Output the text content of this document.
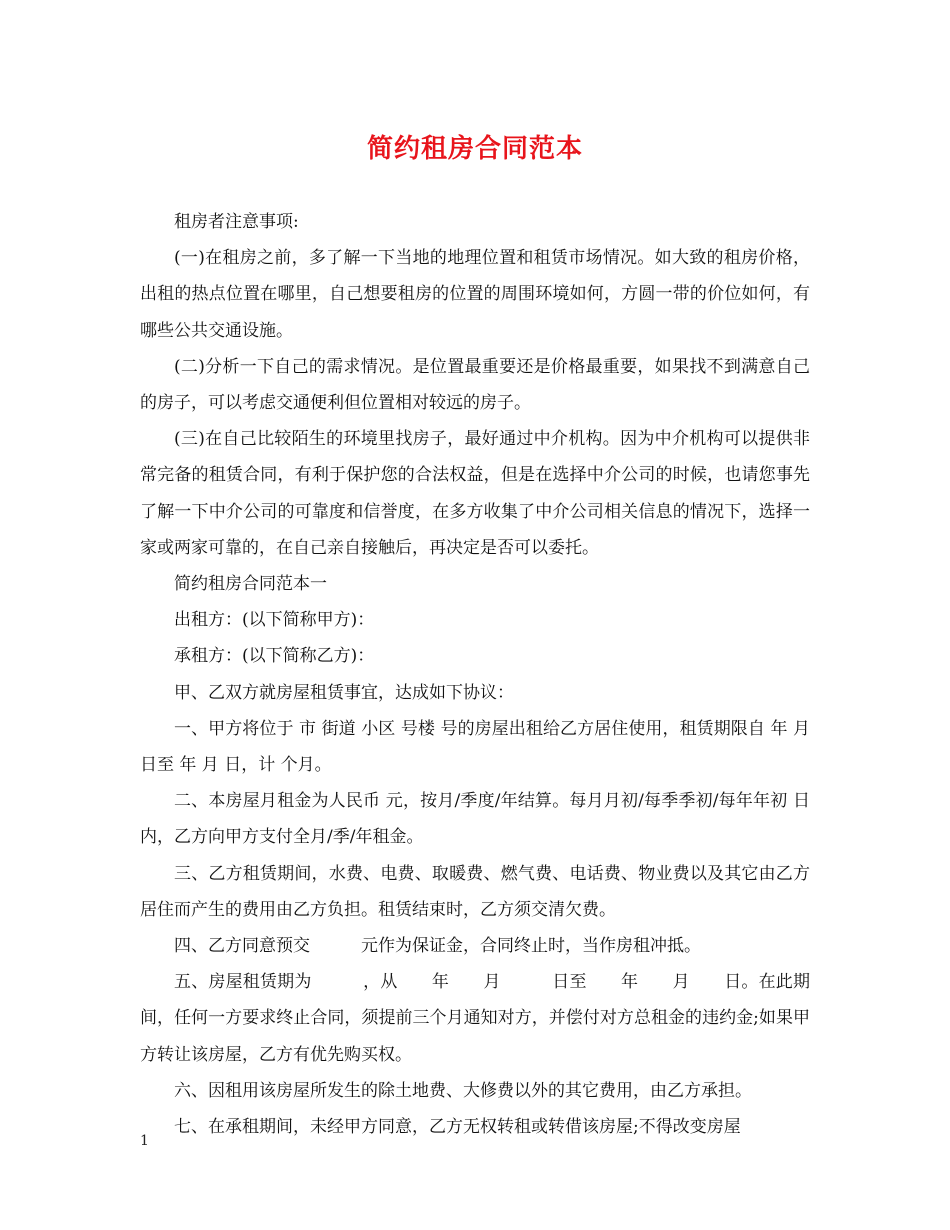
简约租房合同范本

租房者注意事项:

(一)在租房之前，多了解一下当地的地理位置和租赁市场情况。如大致的租房价格，出租的热点位置在哪里，自己想要租房的位置的周围环境如何，方圆一带的价位如何，有哪些公共交通设施。

(二)分析一下自己的需求情况。是位置最重要还是价格最重要，如果找不到满意自己的房子，可以考虑交通便利但位置相对较远的房子。

(三)在自己比较陌生的环境里找房子，最好通过中介机构。因为中介机构可以提供非常完备的租赁合同，有利于保护您的合法权益，但是在选择中介公司的时候，也请您事先了解一下中介公司的可靠度和信誉度，在多方收集了中介公司相关信息的情况下，选择一家或两家可靠的，在自己亲自接触后，再决定是否可以委托。

简约租房合同范本一

出租方：(以下简称甲方)：

承租方：(以下简称乙方)：

甲、乙双方就房屋租赁事宜，达成如下协议：

一、甲方将位于 市 街道 小区 号楼 号的房屋出租给乙方居住使用，租赁期限自 年 月 日至 年 月 日，计 个月。

二、本房屋月租金为人民币 元，按月/季度/年结算。每月月初/每季季初/每年年初 日内，乙方向甲方支付全月/季/年租金。

三、乙方租赁期间，水费、电费、取暖费、燃气费、电话费、物业费以及其它由乙方居住而产生的费用由乙方负担。租赁结束时，乙方须交清欠费。

四、乙方同意预交　　　元作为保证金，合同终止时，当作房租冲抵。

五、房屋租赁期为　　　，从　　年　　月　　　日至　　年　　月　　日。在此期间，任何一方要求终止合同，须提前三个月通知对方，并偿付对方总租金的违约金;如果甲方转让该房屋，乙方有优先购买权。

六、因租用该房屋所发生的除土地费、大修费以外的其它费用，由乙方承担。

七、在承租期间，未经甲方同意，乙方无权转租或转借该房屋;不得改变房屋

1
